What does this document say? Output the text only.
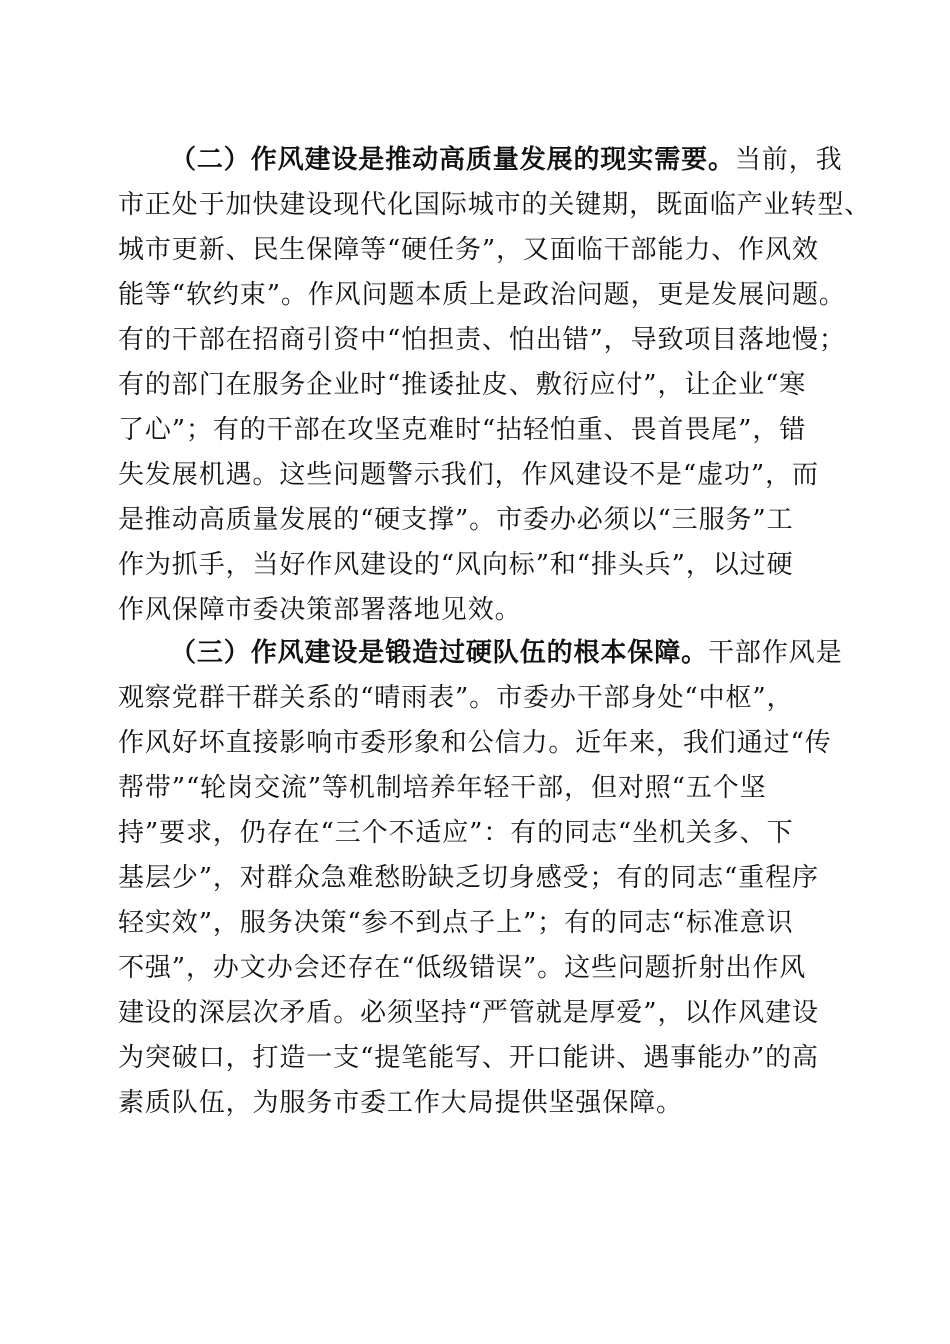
（二）作风建设是推动高质量发展的现实需要。当前，我
市正处于加快建设现代化国际城市的关键期，既面临产业转型、
城市更新、民生保障等“硬任务”，又面临干部能力、作风效
能等“软约束”。作风问题本质上是政治问题，更是发展问题。
有的干部在招商引资中“怕担责、怕出错”，导致项目落地慢；
有的部门在服务企业时“推诿扯皮、敷衍应付”，让企业“寒
了心”；有的干部在攻坚克难时“拈轻怕重、畏首畏尾”，错
失发展机遇。这些问题警示我们，作风建设不是“虚功”，而
是推动高质量发展的“硬支撑”。市委办必须以“三服务”工
作为抓手，当好作风建设的“风向标”和“排头兵”，以过硬
作风保障市委决策部署落地见效。
（三）作风建设是锻造过硬队伍的根本保障。干部作风是
观察党群干群关系的“晴雨表”。市委办干部身处“中枢”，
作风好坏直接影响市委形象和公信力。近年来，我们通过“传
帮带”“轮岗交流”等机制培养年轻干部，但对照“五个坚
持”要求，仍存在“三个不适应”：有的同志“坐机关多、下
基层少”，对群众急难愁盼缺乏切身感受；有的同志“重程序
轻实效”，服务决策“参不到点子上”；有的同志“标准意识
不强”，办文办会还存在“低级错误”。这些问题折射出作风
建设的深层次矛盾。必须坚持“严管就是厚爱”，以作风建设
为突破口，打造一支“提笔能写、开口能讲、遇事能办”的高
素质队伍，为服务市委工作大局提供坚强保障。
